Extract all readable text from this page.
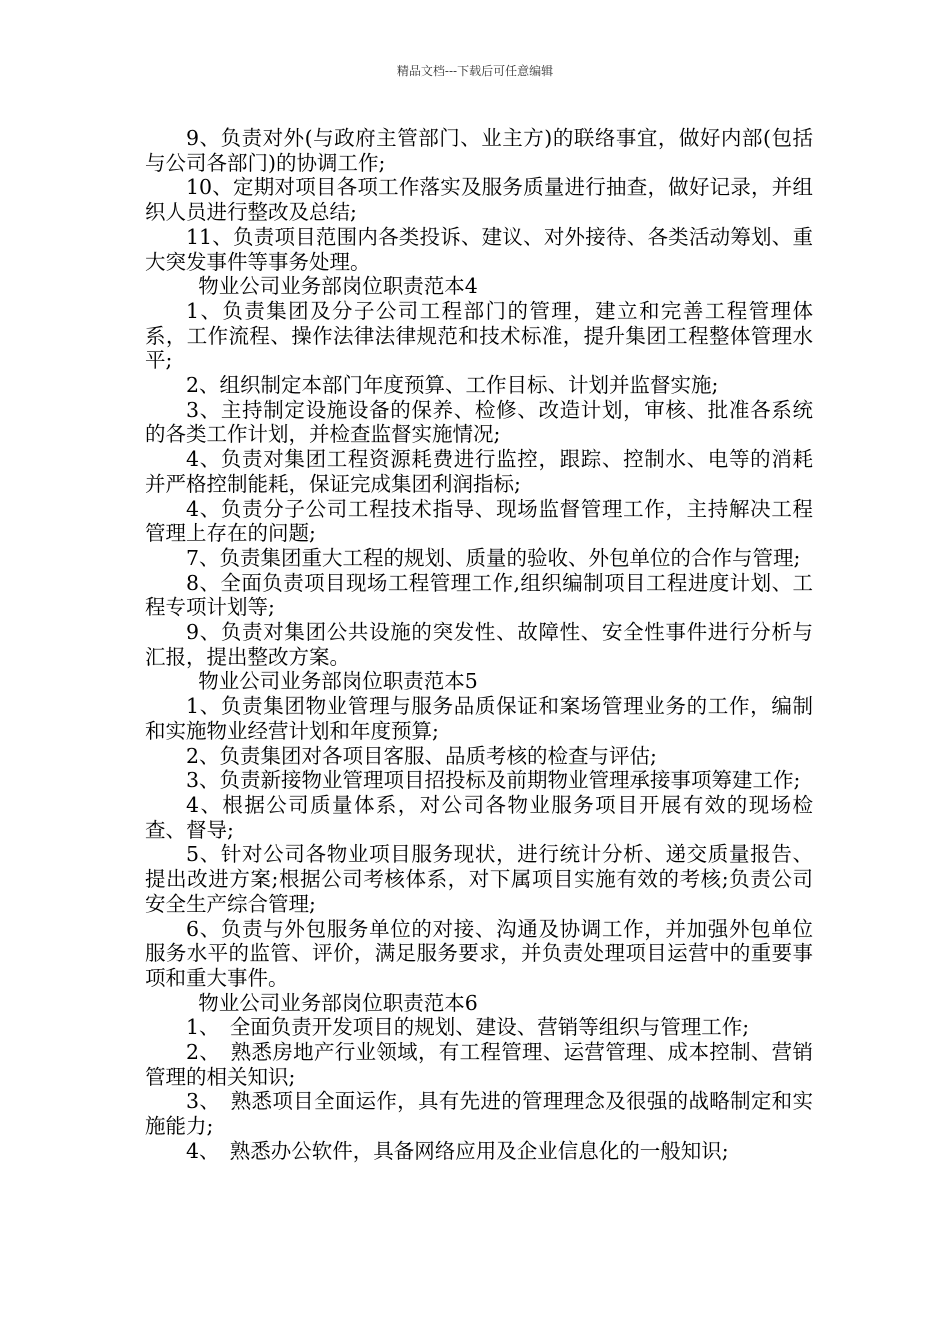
精品文档---下载后可任意编辑

9、负责对外(与政府主管部门、业主方)的联络事宜，做好内部(包括与公司各部门)的协调工作;

10、定期对项目各项工作落实及服务质量进行抽查，做好记录，并组织人员进行整改及总结;

11、负责项目范围内各类投诉、建议、对外接待、各类活动筹划、重大突发事件等事务处理。

物业公司业务部岗位职责范本4

1、负责集团及分子公司工程部门的管理，建立和完善工程管理体系，工作流程、操作法律法律规范和技术标准，提升集团工程整体管理水平;

2、组织制定本部门年度预算、工作目标、计划并监督实施;

3、主持制定设施设备的保养、检修、改造计划，审核、批准各系统的各类工作计划，并检查监督实施情况;

4、负责对集团工程资源耗费进行监控，跟踪、控制水、电等的消耗并严格控制能耗，保证完成集团利润指标;

4、负责分子公司工程技术指导、现场监督管理工作，主持解决工程管理上存在的问题;

7、负责集团重大工程的规划、质量的验收、外包单位的合作与管理;

8、全面负责项目现场工程管理工作,组织编制项目工程进度计划、工程专项计划等;

9、负责对集团公共设施的突发性、故障性、安全性事件进行分析与汇报，提出整改方案。

物业公司业务部岗位职责范本5

1、负责集团物业管理与服务品质保证和案场管理业务的工作，编制和实施物业经营计划和年度预算;

2、负责集团对各项目客服、品质考核的检查与评估;

3、负责新接物业管理项目招投标及前期物业管理承接事项筹建工作;

4、根据公司质量体系，对公司各物业服务项目开展有效的现场检查、督导;

5、针对公司各物业项目服务现状，进行统计分析、递交质量报告、提出改进方案;根据公司考核体系，对下属项目实施有效的考核;负责公司安全生产综合管理;

6、负责与外包服务单位的对接、沟通及协调工作，并加强外包单位服务水平的监管、评价，满足服务要求，并负责处理项目运营中的重要事项和重大事件。

物业公司业务部岗位职责范本6

1、　全面负责开发项目的规划、建设、营销等组织与管理工作;

2、　熟悉房地产行业领域，有工程管理、运营管理、成本控制、营销管理的相关知识;

3、　熟悉项目全面运作，具有先进的管理理念及很强的战略制定和实施能力;

4、　熟悉办公软件，具备网络应用及企业信息化的一般知识;
